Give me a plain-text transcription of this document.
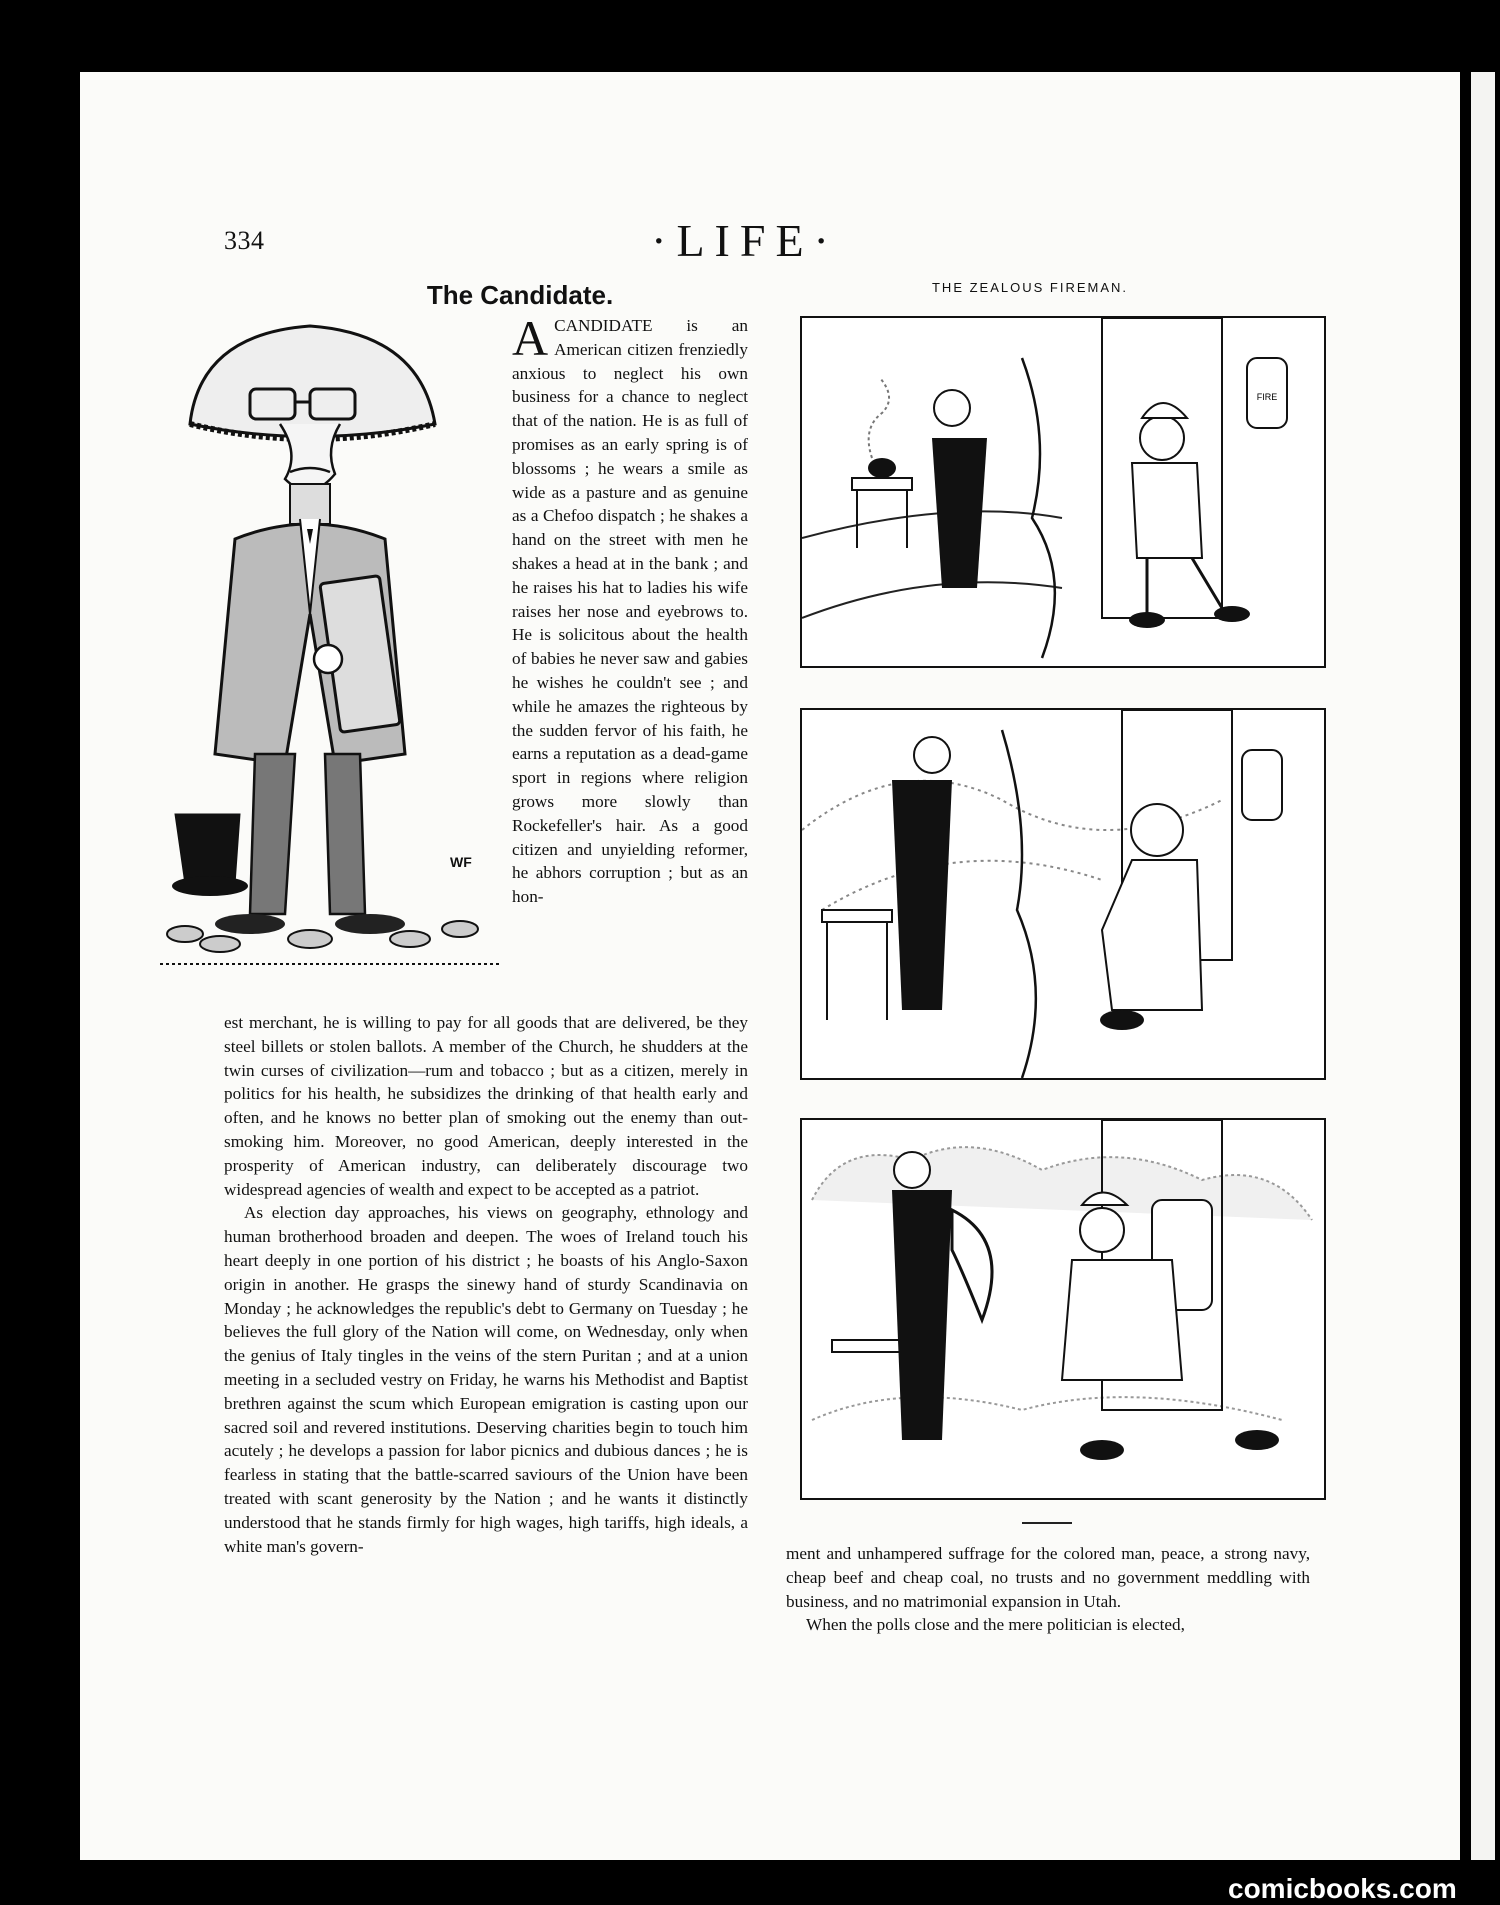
334	·LIFE·
The Candidate.	THE ZEALOUS FIREMAN.
WF

ACANDIDATE is an American citizen frenziedly anxious to neglect his own business for a chance to neglect that of the nation. He is as full of promises as an early spring is of blossoms ; he wears a smile as wide as a pasture and as genuine as a Chefoo dispatch ; he shakes a hand on the street with men he shakes a head at in the bank ; and he raises his hat to ladies his wife raises her nose and eyebrows to. He is solicitous about the health of babies he never saw and gabies he wishes he couldn't see ; and while he amazes the righteous by the sudden fervor of his faith, he earns a reputation as a dead-game sport in regions where religion grows more slowly than Rockefeller's hair. As a good citizen and unyielding reformer, he abhors corruption ; but as an hon-

est merchant, he is willing to pay for all goods that are delivered, be they steel billets or stolen ballots. A member of the Church, he shudders at the twin curses of civilization—rum and tobacco ; but as a citizen, merely in politics for his health, he subsidizes the drinking of that health early and often, and he knows no better plan of smoking out the enemy than out-smoking him. Moreover, no good American, deeply interested in the prosperity of American industry, can deliberately discourage two widespread agencies of wealth and expect to be accepted as a patriot.

As election day approaches, his views on geography, ethnology and human brotherhood broaden and deepen. The woes of Ireland touch his heart deeply in one portion of his district ; he boasts of his Anglo-Saxon origin in another. He grasps the sinewy hand of sturdy Scandinavia on Monday ; he acknowledges the republic's debt to Germany on Tuesday ; he believes the full glory of the Nation will come, on Wednesday, only when the genius of Italy tingles in the veins of the stern Puritan ; and at a union meeting in a secluded vestry on Friday, he warns his Methodist and Baptist brethren against the scum which European emigration is casting upon our sacred soil and revered institutions. Deserving charities begin to touch him acutely ; he develops a passion for labor picnics and dubious dances ; he is fearless in stating that the battle-scarred saviours of the Union have been treated with scant generosity by the Nation ; and he wants it distinctly understood that he stands firmly for high wages, high tariffs, high ideals, a white man's govern-

FIRE

ment and unhampered suffrage for the colored man, peace, a strong navy, cheap beef and cheap coal, no trusts and no government meddling with business, and no matrimonial expansion in Utah.

When the polls close and the mere politician is elected,

comicbooks.com
